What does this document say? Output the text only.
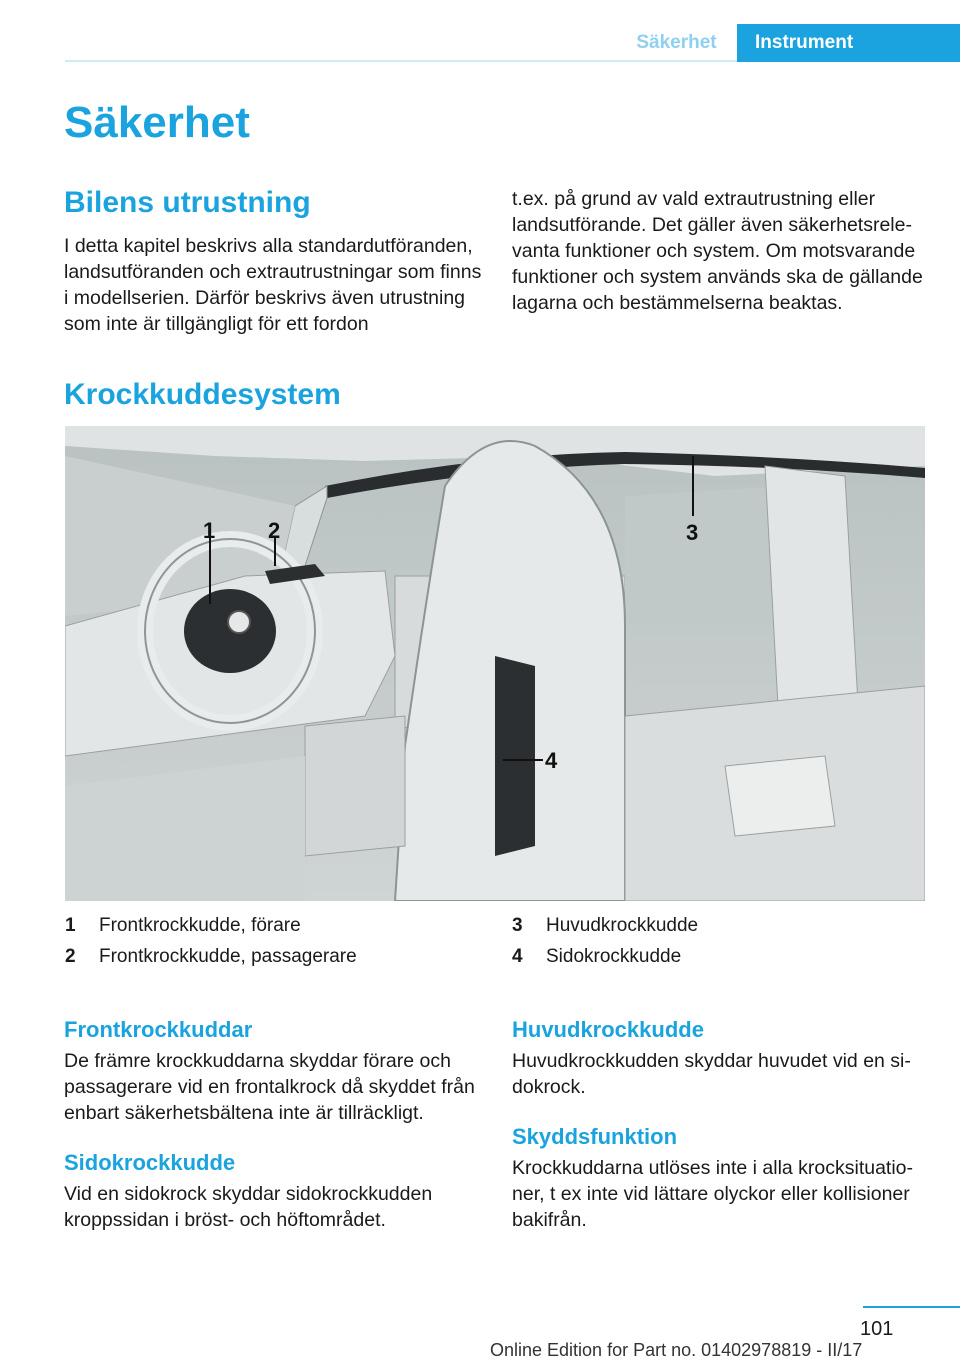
Säkerhet	Instrument
Säkerhet
Bilens utrustning

I detta kapitel beskrivs alla standardutföranden, landsutföranden och extrautrustningar som finns i modellserien. Därför beskrivs även utrustning som inte är tillgängligt för ett fordon

t.ex. på grund av vald extrautrustning eller landsutförande. Det gäller även säkerhetsrelevanta funktioner och system. Om motsvarande funktioner och system används ska de gällande lagarna och bestämmelserna beaktas.

Krockkuddesystem
1 2	3
4
1	Frontkrockkudde, förare
2	Frontkrockkudde, passagerare
3	Huvudkrockkudde
4	Sidokrockkudde
Frontkrockkuddar

De främre krockkuddarna skyddar förare och passagerare vid en frontalkrock då skyddet från enbart säkerhetsbältena inte är tillräckligt.

Sidokrockkudde

Vid en sidokrock skyddar sidokrockkudden kroppssidan i bröst- och höftområdet.

Huvudkrockkudde

Huvudkrockkudden skyddar huvudet vid en sidokrock.

Skyddsfunktion

Krockkuddarna utlöses inte i alla krocksituationer, t ex inte vid lättare olyckor eller kollisioner bakifrån.

101
Online Edition for Part no. 01402978819 - II/17
